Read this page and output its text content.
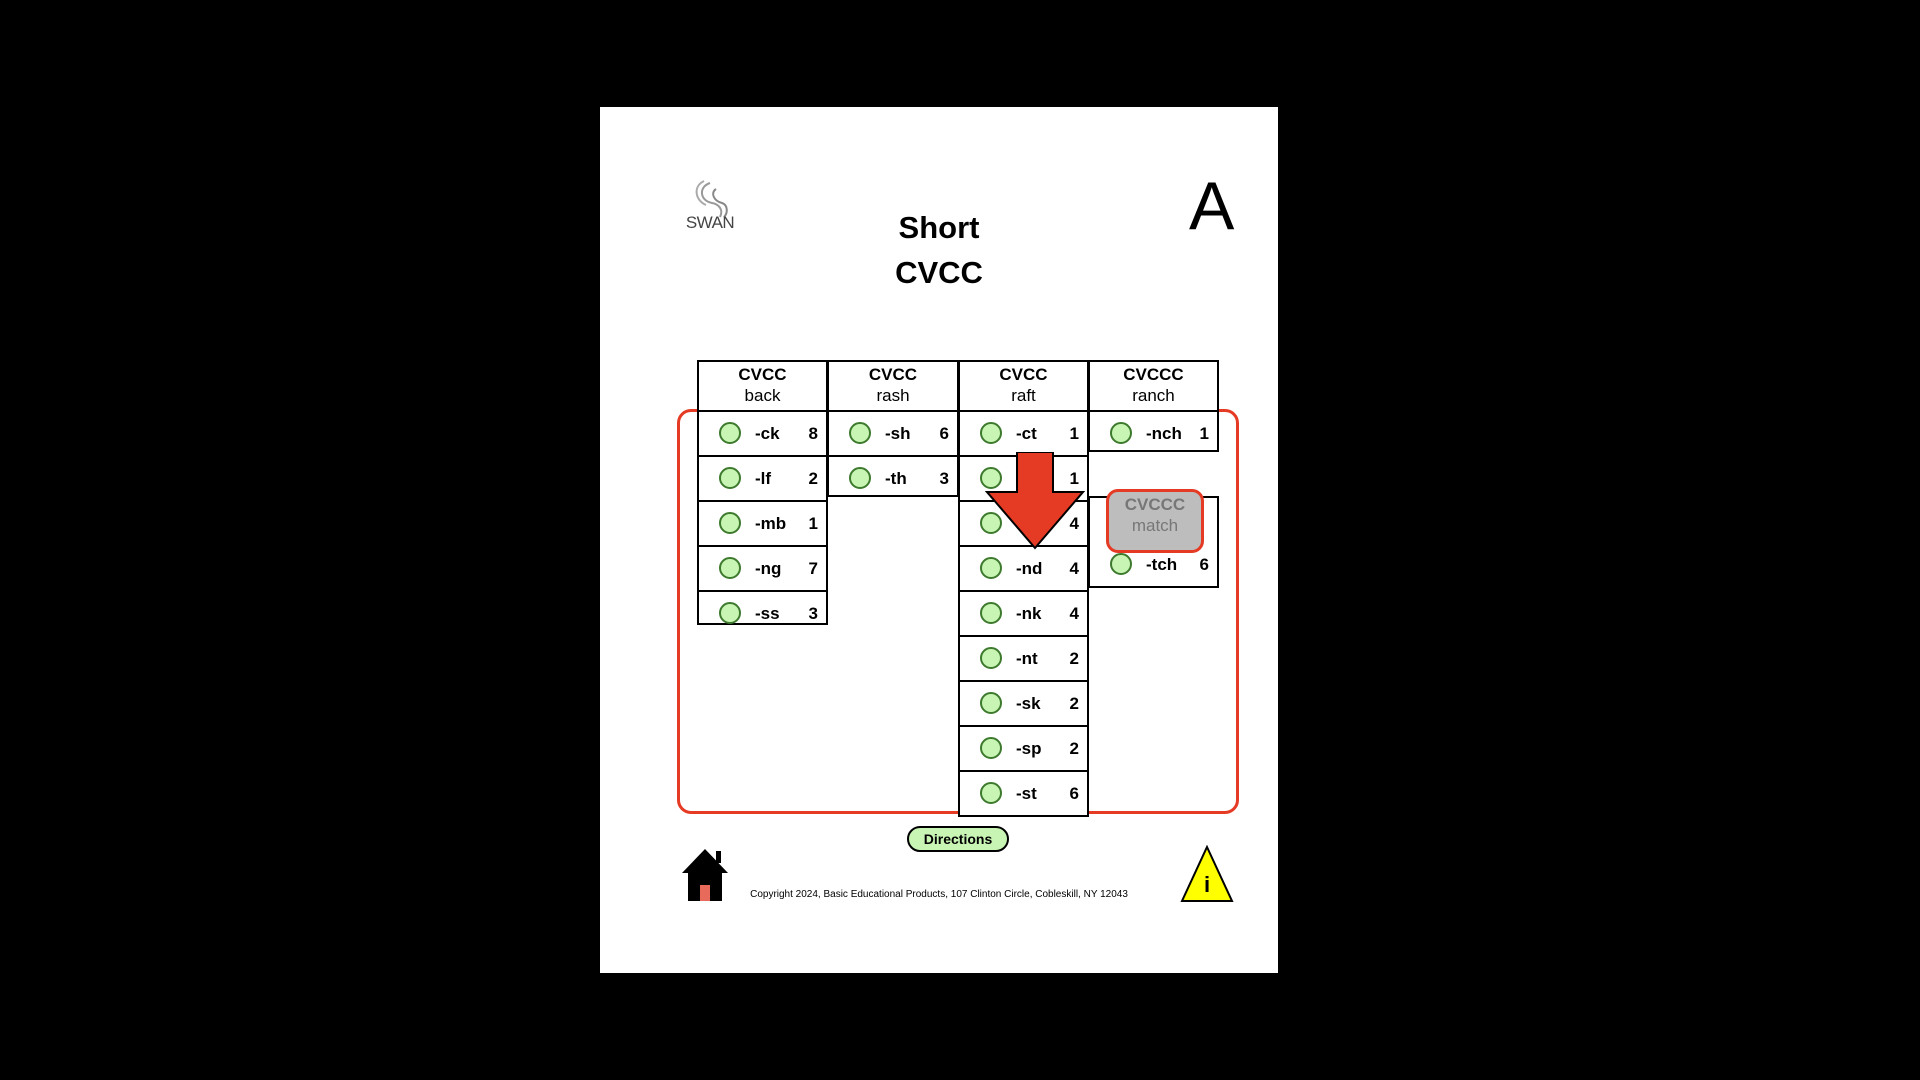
SWAN	A
Short
CVCC
CVCC
back
-ck 8
-lf 2
-mb 1
-ng 7
-ss 3
CVCC
rash
-sh 6
-th 3
CVCC
raft
-ct 1
1
4
-nd 4
-nk 4
-nt 2
-sk 2
-sp 2
-st 6
CVCCC
ranch
-nch 1
-tch 6
CVCCC
match
Directions
Copyright 2024, Basic Educational Products, 107 Clinton Circle, Cobleskill, NY 12043	i
